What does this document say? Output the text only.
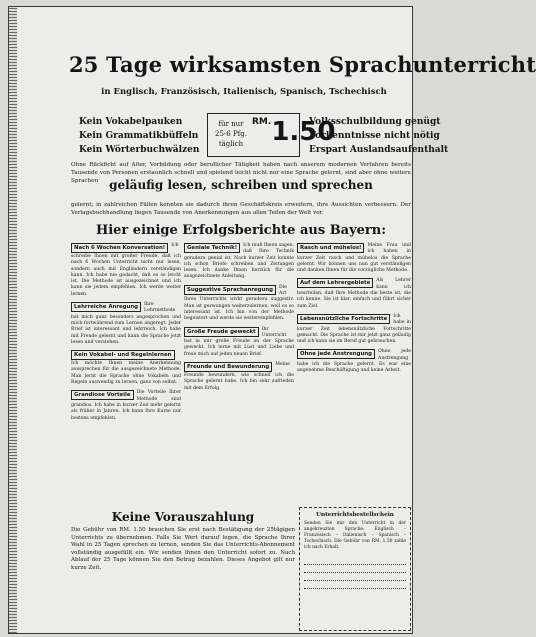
25 Tage wirksamsten Sprachunterricht
in Englisch, Französisch, Italienisch, Spanisch, Tschechisch
Kein Vokabelpauken
Kein Grammatikbüffeln
Kein Wörterbuchwälzen
für nur 25-6 Pfg. täglich
$^{RM.}$1.50
Volksschulbildung genügt
Vorkenntnisse nicht nötig
Erspart Auslandsaufenthalt
Ohne Rückficht auf Alter, Vorbildung oder beruflicher Tätigkeit haben nach unserem modernen Verfahren bereits Tausende von Personen erstaunlich schnell und spielend leicht nicht nur eine Sprache gelernt, sind aber ohne weitere Sprachen geläufig lesen, schreiben und sprechen
gelernt; in zahlreichen Fällen konnten sie dadurch ihren Geschäftskreis erweitern, ihre Aussichten verbessern. Der Verlagsbuchhandlung liegen Tausende von Anerkennungen aus allen Teilen der Welt vor.
Hier einige Erfolgsberichte aus Bayern:
Nach 6 Wochen Konversation!	Ich schreibe Ihnen mit großer Freude, daß ich nach 6 Wochen Unterricht nicht nur lesen, sondern auch mit Engländern verständigen kann. Ich habe nie gedacht, daß es so leicht ist. Die Methode ist ausgezeichnet und ich kann sie jedem empfehlen. Ich werde weiter lernen.
Lehrreiche Anregung	Ihre Lehrmethode hat mich ganz besonders angesprochen und mich fortwährend zum Lernen angeregt. Jeder Brief ist interessant und lehrreich. Ich habe mit Freude gelernt und kann die Sprache jetzt lesen und verstehen.
Kein Vokabel- und Regelnlernen
Ich möchte Ihnen meine Anerkennung aussprechen für die ausgezeichnete Methode. Man lernt die Sprache ohne Vokabeln und Regeln auswendig zu lernen, ganz von selbst.
Grandiose Vorteile	Die Vorteile Ihrer Methode sind grandios. Ich habe in kurzer Zeit mehr gelernt als früher in Jahren. Ich kann Ihre Kurse nur bestens empfehlen.
Geniale Technik!	Ich muß Ihnen sagen, daß Ihre Technik geradezu genial ist. Nach kurzer Zeit konnte ich schon Briefe schreiben und Zeitungen lesen. Ich danke Ihnen herzlich für die ausgezeichnete Anleitung.
Suggestive Sprachanregung	Die Art Ihres Unterrichts wirkt geradezu suggestiv. Man ist gezwungen weiterzulernen, weil es so interessant ist. Ich bin von der Methode begeistert und werde sie weiterempfehlen.
Große Freude geweckt	Ihr Unterricht hat in mir große Freude an der Sprache geweckt. Ich lerne mit Lust und Liebe und freue mich auf jeden neuen Brief.
Freunde und Bewunderung	Meine Freunde bewundern, wie schnell ich die Sprache gelernt habe. Ich bin sehr zufrieden mit dem Erfolg.
Rasch und mühelos!	Meine Frau und ich haben in kurzer Zeit rasch und mühelos die Sprache gelernt. Wir können uns nun gut verständigen und danken Ihnen für die vorzügliche Methode.
Auf dem Lehrergebiete	Als Lehrer kann ich beurteilen, daß Ihre Methode die beste ist, die ich kenne. Sie ist klar, einfach und führt sicher zum Ziel.
Lebensnützliche Fortschritte	Ich habe in kurzer Zeit lebensnützliche Fortschritte gemacht. Die Sprache ist mir jetzt ganz geläufig und ich kann sie im Beruf gut gebrauchen.
Ohne jede Anstrengung	Ohne jede Anstrengung habe ich die Sprache gelernt. Es war eine angenehme Beschäftigung und keine Arbeit.
Keine Vorauszahlung
Die Gebühr von RM. 1.50 brauchen Sie erst nach Bestätigung der 25tägigen Unterrichts zu übernehmen. Falls Sie Wert darauf legen, die Sprache Ihrer Wahl in 25 Tagen sprechen zu lernen, senden Sie das Unterrichts-Abonnement vollständig ausgefüllt ein. Wir senden Ihnen den Unterricht sofort zu. Nach Ablauf der 25 Tage können Sie den Betrag bezahlen. Dieses Angebot gilt nur kurze Zeit.
Unterrichtsbestellschein
Senden Sie mir den Unterricht in der angekreuzten Sprache: Englisch – Französisch – Italienisch – Spanisch – Tschechisch. Die Gebühr von RM. 1.50 zahle ich nach Erhalt.
